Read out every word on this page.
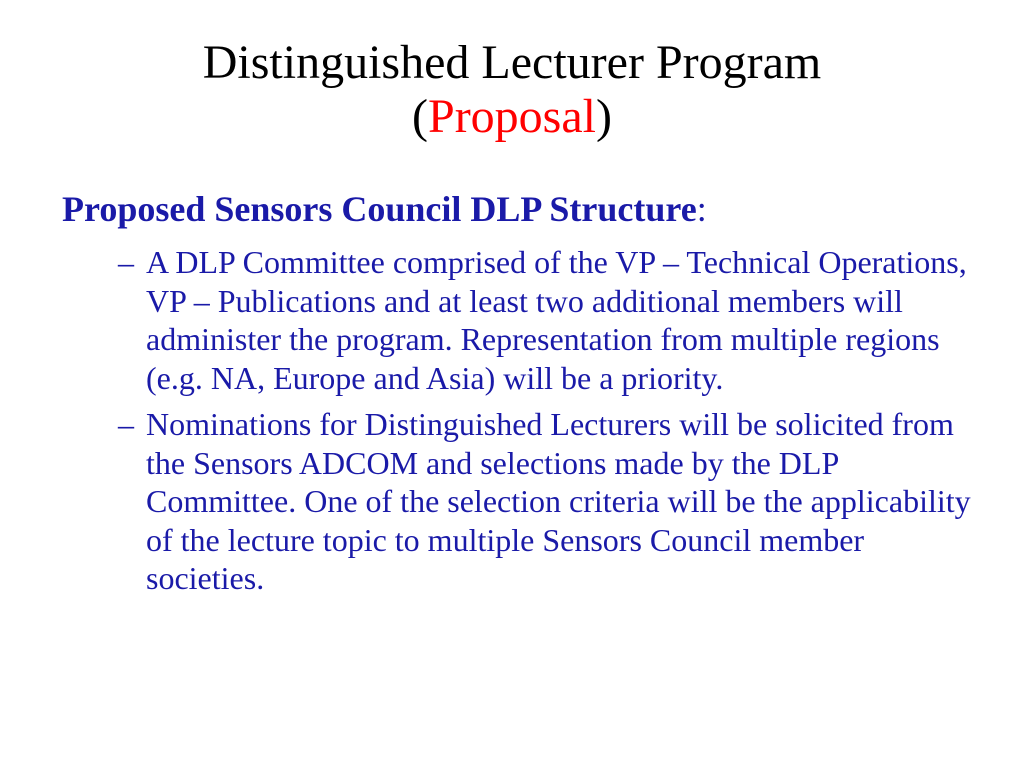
Distinguished Lecturer Program
(Proposal)
Proposed Sensors Council DLP Structure:
– A DLP Committee comprised of the VP – Technical Operations, VP – Publications and at least two additional members will administer the program. Representation from multiple regions (e.g. NA, Europe and Asia) will be a priority.
– Nominations for Distinguished Lecturers will be solicited from the Sensors ADCOM and selections made by the DLP Committee. One of the selection criteria will be the applicability of the lecture topic to multiple Sensors Council member societies.
